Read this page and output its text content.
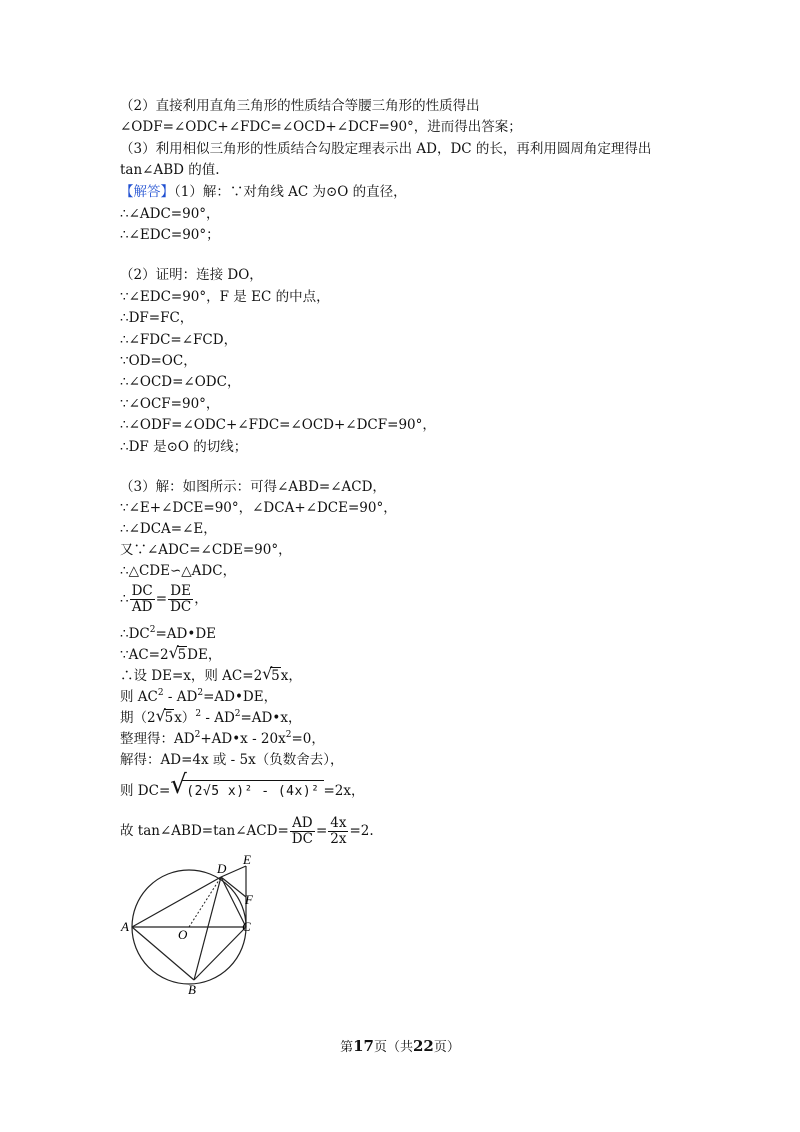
（2）直接利用直角三角形的性质结合等腰三角形的性质得出
∠ODF=∠ODC+∠FDC=∠OCD+∠DCF=90°，进而得出答案；
（3）利用相似三角形的性质结合勾股定理表示出 AD，DC 的长，再利用圆周角定理得出
tan∠ABD 的值.
【解答】（1）解：∵对角线 AC 为⊙O 的直径，
∴∠ADC=90°，
∴∠EDC=90°；
（2）证明：连接 DO，
∵∠EDC=90°，F 是 EC 的中点，
∴DF=FC，
∴∠FDC=∠FCD，
∵OD=OC，
∴∠OCD=∠ODC，
∵∠OCF=90°，
∴∠ODF=∠ODC+∠FDC=∠OCD+∠DCF=90°，
∴DF 是⊙O 的切线；
（3）解：如图所示：可得∠ABD=∠ACD，
∵∠E+∠DCE=90°，∠DCA+∠DCE=90°，
∴∠DCA=∠E，
又∵∠ADC=∠CDE=90°，
∴△CDE∽△ADC，
∴ $\frac{DC}{AD} = \frac{DE}{DC}$ ，
$\therefore DC^2=AD•DE$
∵AC=2 √
5DE，
∴设 DE=x，则 AC=2 √
5x，
则 $AC^2$ - $AD^2=AD•DE$，
期（2 √
$5x)^2 - AD^2=AD•x$，
整理得：$AD^2+AD•x - 20x^2=0$，
解得：AD=4x 或 - 5x（负数舍去），
则 DC= √ (2√5 x)² - (4x)² =2x，
故 tan∠ABD=tan∠ACD= $\frac{AD}{DC} = \frac{4x}{2x} =2$.
D
E
F
A	C
O
B
第17页（共22页）
